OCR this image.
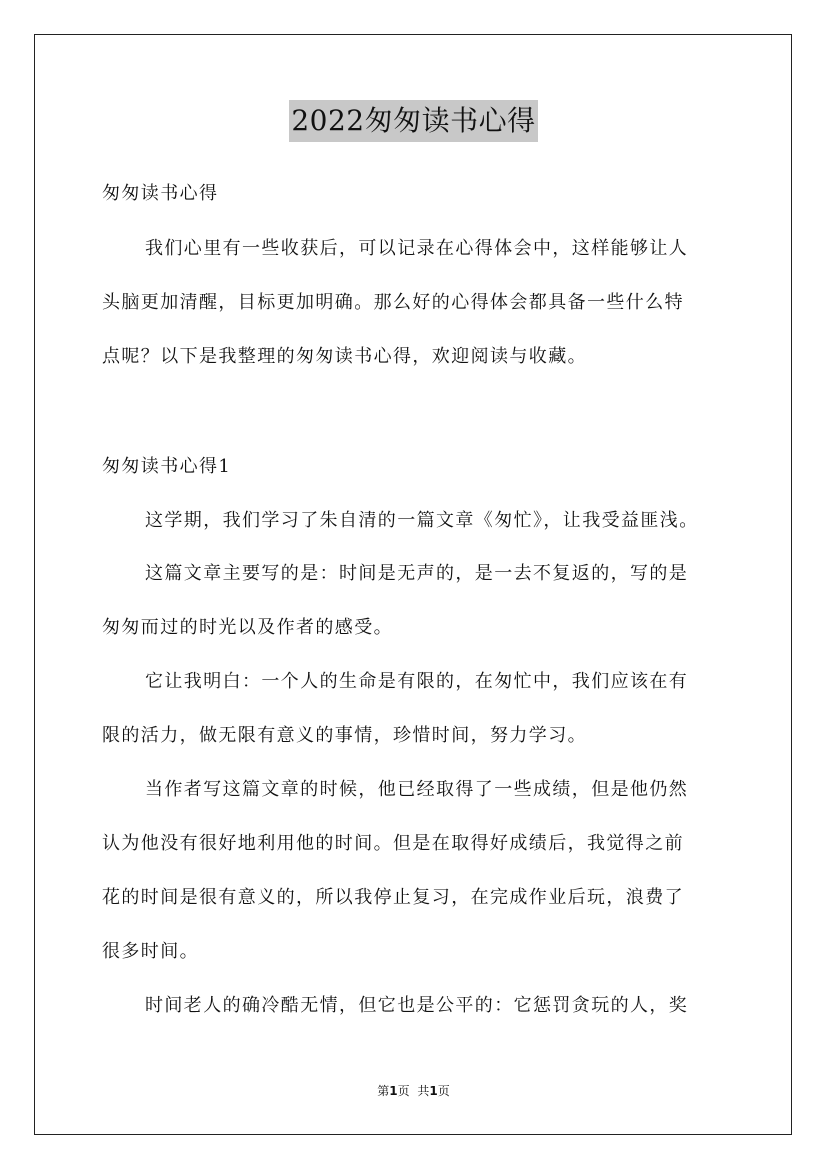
2022匆匆读书心得
匆匆读书心得
我们心里有一些收获后，可以记录在心得体会中，这样能够让人
头脑更加清醒，目标更加明确。那么好的心得体会都具备一些什么特
点呢？以下是我整理的匆匆读书心得，欢迎阅读与收藏。
匆匆读书心得1
这学期，我们学习了朱自清的一篇文章《匆忙》，让我受益匪浅。
这篇文章主要写的是：时间是无声的，是一去不复返的，写的是
匆匆而过的时光以及作者的感受。
它让我明白：一个人的生命是有限的，在匆忙中，我们应该在有
限的活力，做无限有意义的事情，珍惜时间，努力学习。
当作者写这篇文章的时候，他已经取得了一些成绩，但是他仍然
认为他没有很好地利用他的时间。但是在取得好成绩后，我觉得之前
花的时间是很有意义的，所以我停止复习，在完成作业后玩，浪费了
很多时间。
时间老人的确冷酷无情，但它也是公平的：它惩罚贪玩的人，奖
第1页 共1页
